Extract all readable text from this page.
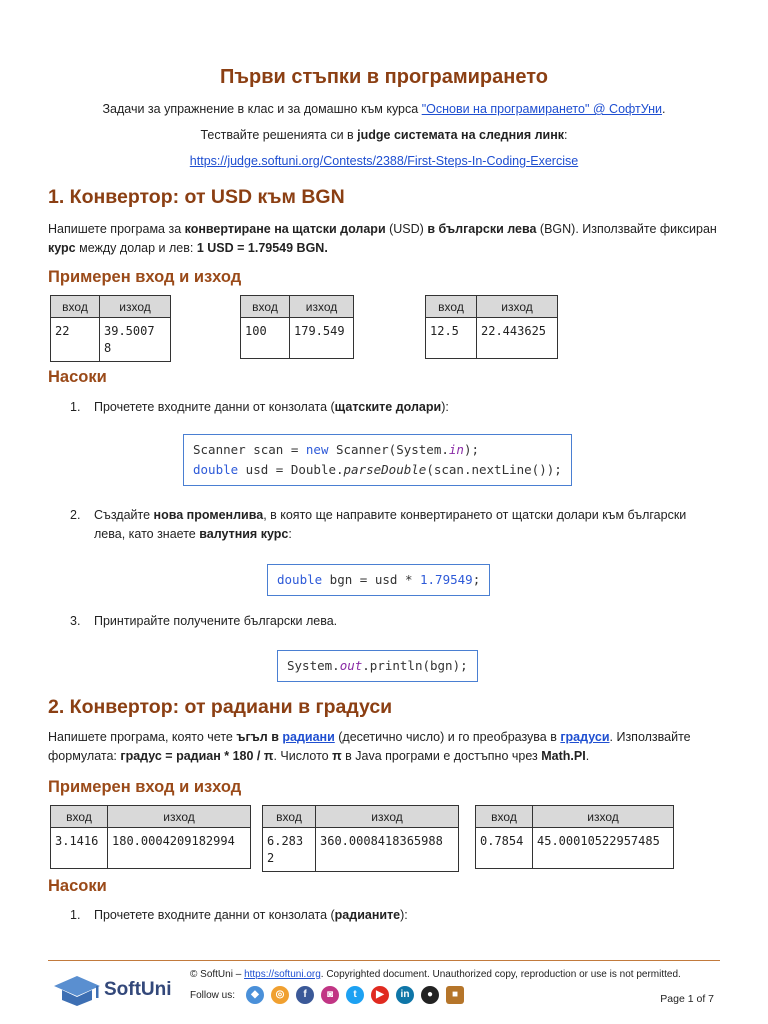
Първи стъпки в програмирането
Задачи за упражнение в клас и за домашно към курса "Основи на програмирането" @ СофтУни.
Тествайте решенията си в judge системата на следния линк:
https://judge.softuni.org/Contests/2388/First-Steps-In-Coding-Exercise
1. Конвертор: от USD към BGN
Напишете програма за конвертиране на щатски долари (USD) в български лева (BGN). Използвайте фиксиран курс между долар и лев: 1 USD = 1.79549 BGN.
Примерен вход и изход
вход	изход
22	39.5007
8
вход	изход
100	179.549
вход	изход
12.5	22.443625
Насоки
1. Прочетете входните данни от конзолата (щатските долари):
Scanner scan = new Scanner(System.in);
double usd = Double.parseDouble(scan.nextLine());
2. Създайте нова променлива, в която ще направите конвертирането от щатски долари към български лева, като знаете валутния курс:
double bgn = usd * 1.79549;
3. Принтирайте получените български лева.
System.out.println(bgn);
2. Конвертор: от радиани в градуси
Напишете програма, която чете ъгъл в радиани (десетично число) и го преобразува в градуси. Използвайте
формулата: градус = радиан * 180 / π. Числото π в Java програми е достъпно чрез Math.PI.
Примерен вход и изход
вход	изход
3.1416	180.0004209182994
вход	изход

6.283
2	360.0008418365988
вход	изход
0.7854	45.00010522957485
Насоки
1. Прочетете входните данни от конзолата (радианите):
SoftUni
© SoftUni – https://softuni.org. Copyrighted document. Unauthorized copy, reproduction or use is not permitted.
Follow us:	◆ ◎ f ◙ t ▶ in ● ■	Page 1 of 7
